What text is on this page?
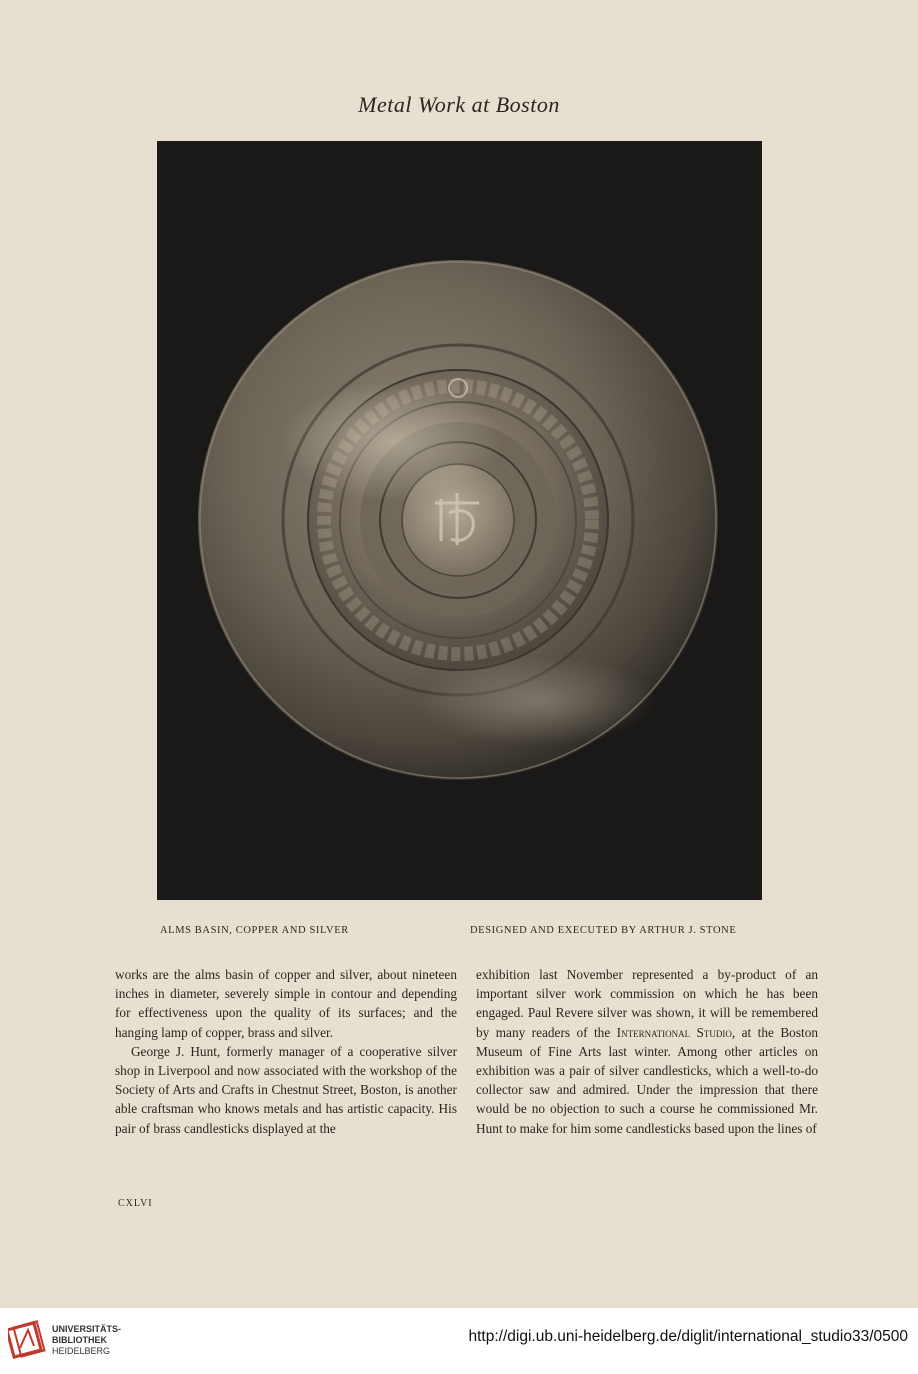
Metal Work at Boston
ALMS BASIN, COPPER AND SILVER	DESIGNED AND EXECUTED BY ARTHUR J. STONE

works are the alms basin of copper and silver, about nineteen inches in diameter, severely simple in contour and depending for effectiveness upon the quality of its surfaces; and the hanging lamp of copper, brass and silver.

George J. Hunt, formerly manager of a cooperative silver shop in Liverpool and now associated with the workshop of the Society of Arts and Crafts in Chestnut Street, Boston, is another able craftsman who knows metals and has artistic capacity. His pair of brass candlesticks displayed at the

exhibition last November represented a by-product of an important silver work commission on which he has been engaged. Paul Revere silver was shown, it will be remembered by many readers of the International Studio, at the Boston Museum of Fine Arts last winter. Among other articles on exhibition was a pair of silver candlesticks, which a well-to-do collector saw and admired. Under the impression that there would be no objection to such a course he commissioned Mr. Hunt to make for him some candlesticks based upon the lines of

CXLVI
UNIVERSITÄTS-
BIBLIOTHEK
HEIDELBERG
http://digi.ub.uni-heidelberg.de/diglit/international_studio33/0500
